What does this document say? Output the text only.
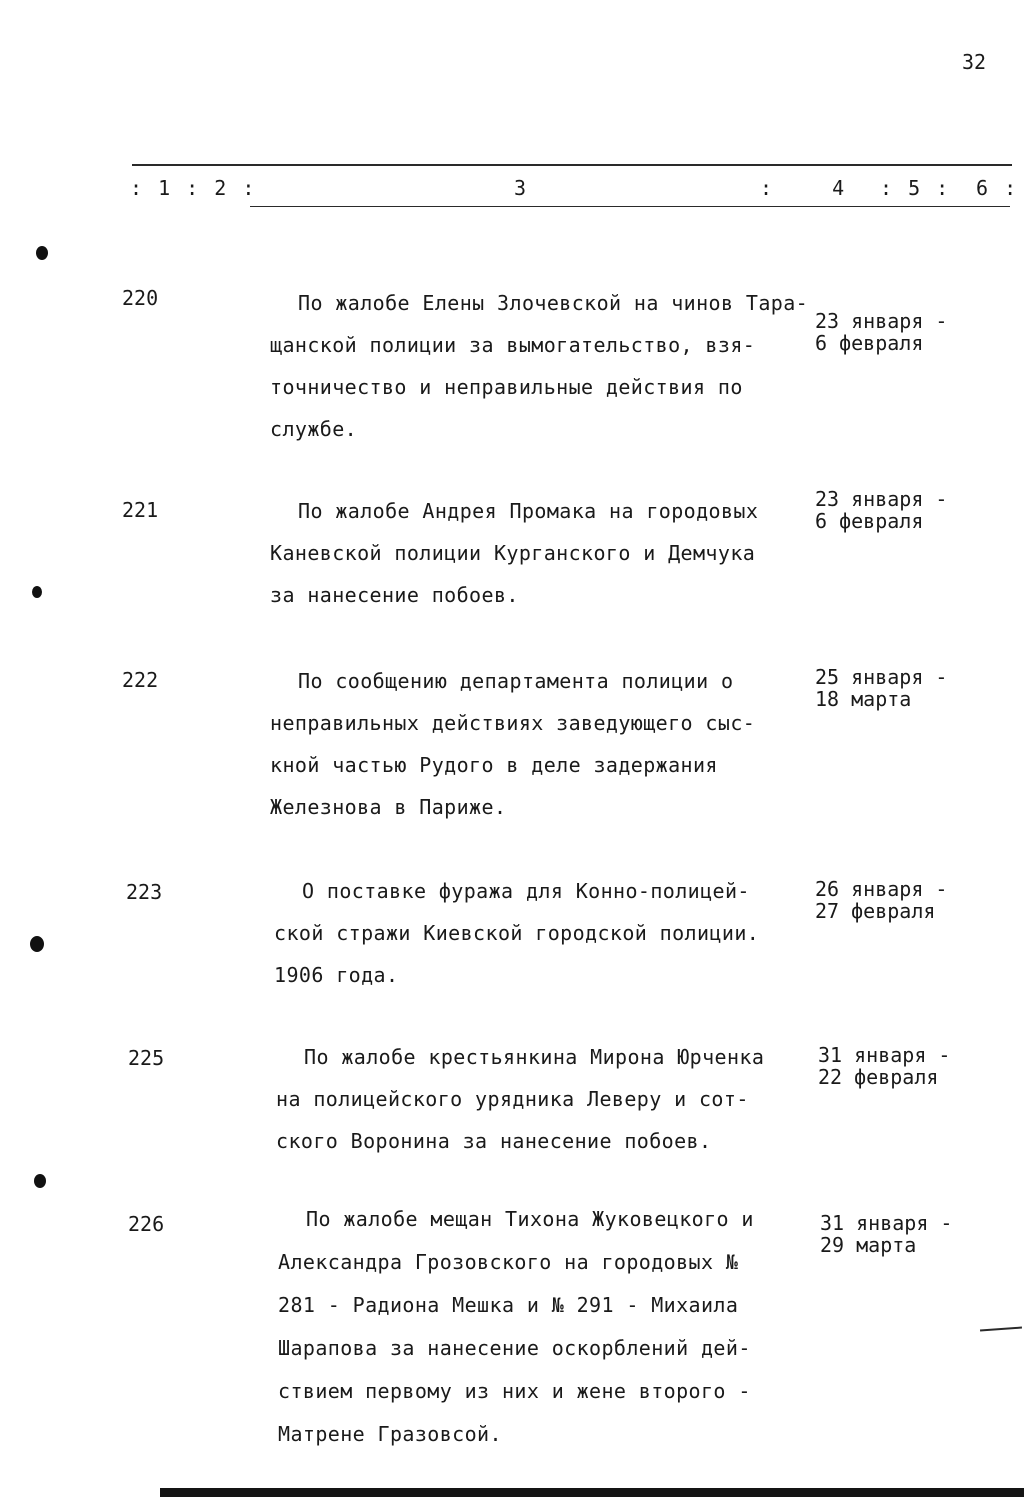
32
: 1 : 2 :	3	: 4 : 5 : 6 :
220	По жалобе Елены Злочевской на чинов Тара-
щанской полиции за вымогательство, взя-
точничество и неправильные действия по
службе.
23 января -
6 февраля
221	По жалобе Андрея Промака на городовых
Каневской полиции Курганского и Демчука
за нанесение побоев.
23 января -
6 февраля
222	По сообщению департамента полиции о
неправильных действиях заведующего сыс-
кной частью Рудого в деле задержания
Железнова в Париже.
25 января -
18 марта
223	О поставке фуража для Конно-полицей-
ской стражи Киевской городской полиции.
1906 года.
26 января -
27 февраля
225	По жалобе крестьянкина Мирона Юрченка
на полицейского урядника Леверу и сот-
ского Воронина за нанесение побоев.
31 января -
22 февраля
226	По жалобе мещан Тихона Жуковецкого и
Александра Грозовского на городовых №
281 - Радиона Мешка и № 291 - Михаила
Шарапова за нанесение оскорблений дей-
ствием первому из них и жене второго -
Матрене Гразовсой.
31 января -
29 марта
